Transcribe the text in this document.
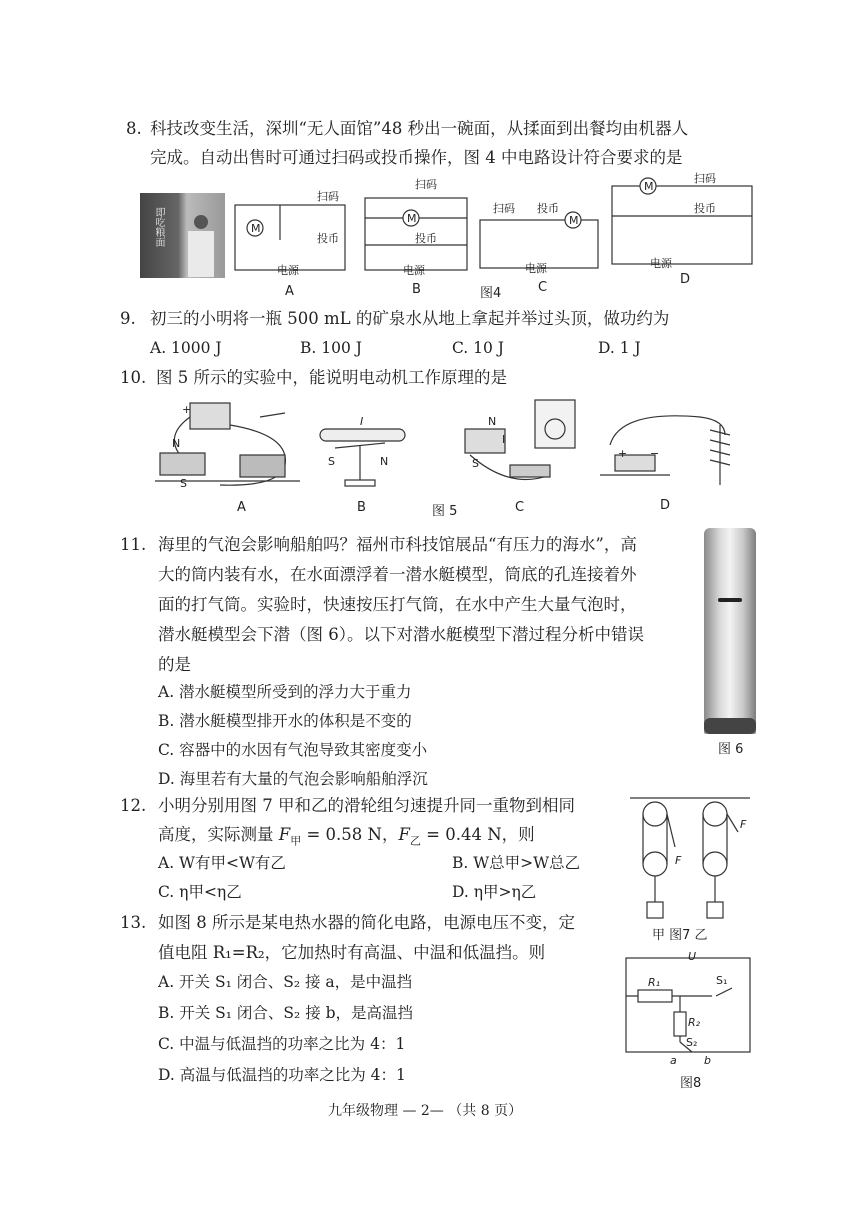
8. 科技改变生活，深圳“无人面馆”48 秒出一碗面，从揉面到出餐均由机器人
完成。自动出售时可通过扫码或投币操作，图 4 中电路设计符合要求的是
即吃粮面	M
M	M
扫码
投币
扫码
投币
扫码 投币
电源	电源	电源
M
扫码
投币
电源
A	B	图4	C
D
9. 初三的小明将一瓶 500 mL 的矿泉水从地上拿起并举过头顶，做功约为
A. 1000 J	B. 100 J	C. 10 J	D. 1 J
10. 图 5 所示的实验中，能说明电动机工作原理的是
+
N
S
I
S	N
N
I
S
+ −
A	B	图 5	C	D
11. 海里的气泡会影响船舶吗？福州市科技馆展品“有压力的海水”，高
大的筒内装有水，在水面漂浮着一潜水艇模型，筒底的孔连接着外
面的打气筒。实验时，快速按压打气筒，在水中产生大量气泡时，
潜水艇模型会下潜（图 6）。以下对潜水艇模型下潜过程分析中错误
的是
A. 潜水艇模型所受到的浮力大于重力
B. 潜水艇模型排开水的体积是不变的
C. 容器中的水因有气泡导致其密度变小
D. 海里若有大量的气泡会影响船舶浮沉
图 6
12. 小明分别用图 7 甲和乙的滑轮组匀速提升同一重物到相同
高度，实际测量 $F_甲 = 0.58$ N，$F_乙 = 0.44$ N，则
A. W有甲<W有乙	B. W总甲>W总乙
C. η甲<η乙	D. η甲>η乙
F
F
甲 图7 乙
13. 如图 8 所示是某电热水器的简化电路，电源电压不变，定
值电阻 R₁=R₂，它加热时有高温、中温和低温挡。则
A. 开关 S₁ 闭合、S₂ 接 a，是中温挡
B. 开关 S₁ 闭合、S₂ 接 b，是高温挡
C. 中温与低温挡的功率之比为 4：1
D. 高温与低温挡的功率之比为 4：1
U
R₁	S₁
R₂
S₂
a b
图8
九年级物理 — 2— （共 8 页）
